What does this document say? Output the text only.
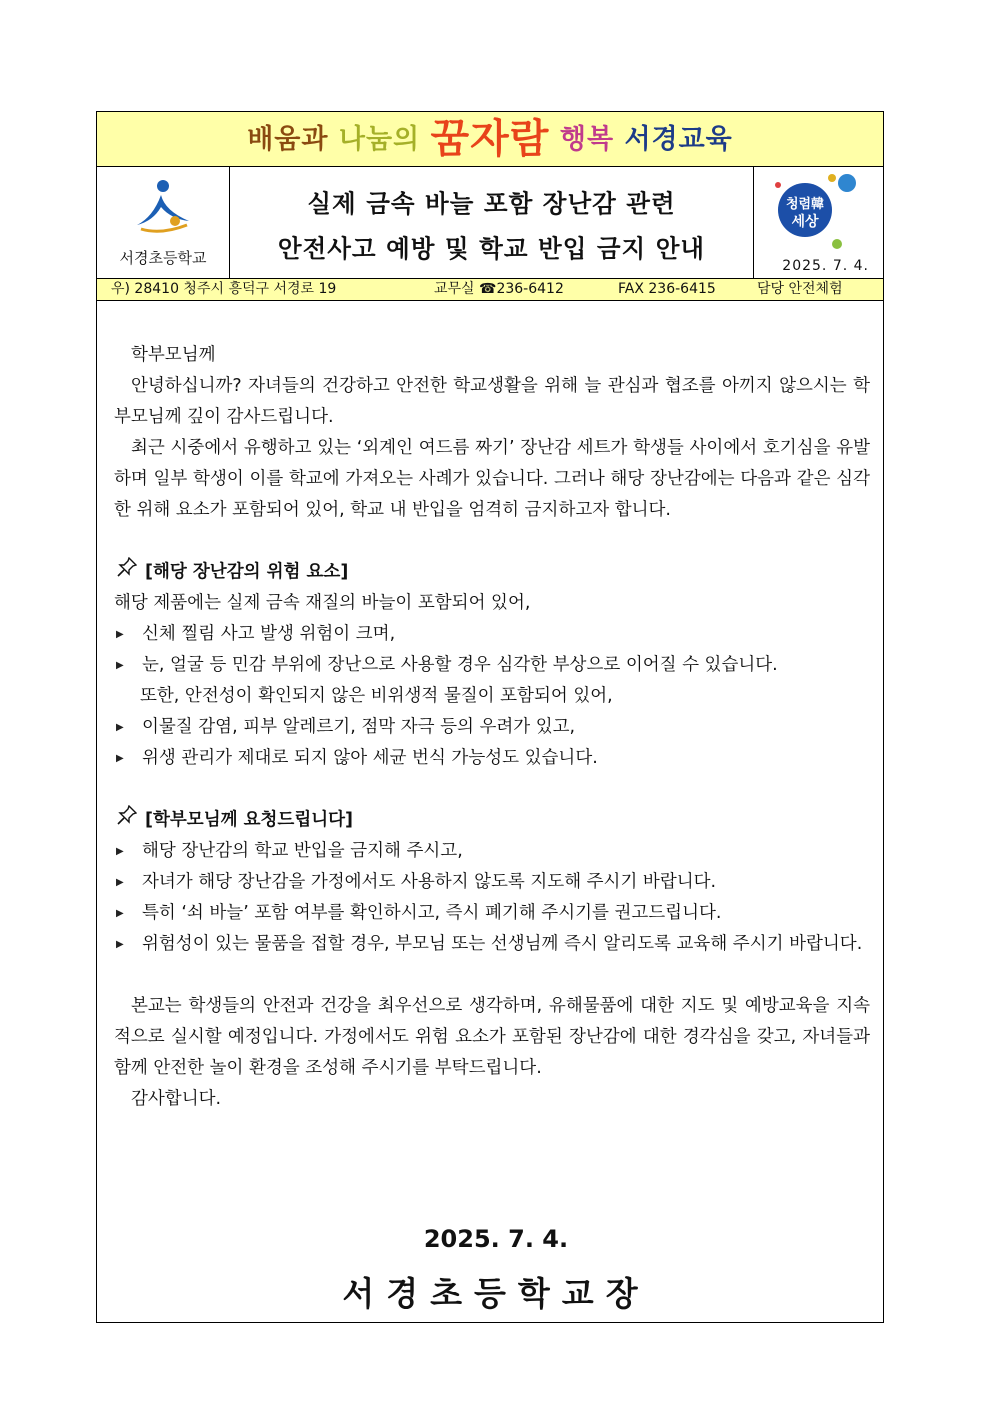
배움과 나눔의 꿈자람 행복 서경교육
서경초등학교
실제 금속 바늘 포함 장난감 관련
안전사고 예방 및 학교 반입 금지 안내
청렴韓
세상
2025. 7. 4.
우) 28410 청주시 흥덕구 서경로 19	교무실 ☎236-6412	FAX 236-6415	담당 안전체험

학부모님께

안녕하십니까? 자녀들의 건강하고 안전한 학교생활을 위해 늘 관심과 협조를 아끼지 않으시는 학부모님께 깊이 감사드립니다.

최근 시중에서 유행하고 있는 ‘외계인 여드름 짜기’ 장난감 세트가 학생들 사이에서 호기심을 유발하며 일부 학생이 이를 학교에 가져오는 사례가 있습니다. 그러나 해당 장난감에는 다음과 같은 심각한 위해 요소가 포함되어 있어, 학교 내 반입을 엄격히 금지하고자 합니다.

[해당 장난감의 위험 요소]

해당 제품에는 실제 금속 재질의 바늘이 포함되어 있어,

▶	신체 찔림 사고 발생 위험이 크며,
▶	눈, 얼굴 등 민감 부위에 장난으로 사용할 경우 심각한 부상으로 이어질 수 있습니다.

또한, 안전성이 확인되지 않은 비위생적 물질이 포함되어 있어,

▶	이물질 감염, 피부 알레르기, 점막 자극 등의 우려가 있고,
▶	위생 관리가 제대로 되지 않아 세균 번식 가능성도 있습니다.
[학부모님께 요청드립니다]
▶	해당 장난감의 학교 반입을 금지해 주시고,
▶	자녀가 해당 장난감을 가정에서도 사용하지 않도록 지도해 주시기 바랍니다.
▶	특히 ‘쇠 바늘’ 포함 여부를 확인하시고, 즉시 폐기해 주시기를 권고드립니다.
▶	위험성이 있는 물품을 접할 경우, 부모님 또는 선생님께 즉시 알리도록 교육해 주시기 바랍니다.

본교는 학생들의 안전과 건강을 최우선으로 생각하며, 유해물품에 대한 지도 및 예방교육을 지속적으로 실시할 예정입니다. 가정에서도 위험 요소가 포함된 장난감에 대한 경각심을 갖고, 자녀들과 함께 안전한 놀이 환경을 조성해 주시기를 부탁드립니다.

감사합니다.

2025. 7. 4.
서경초등학교장
